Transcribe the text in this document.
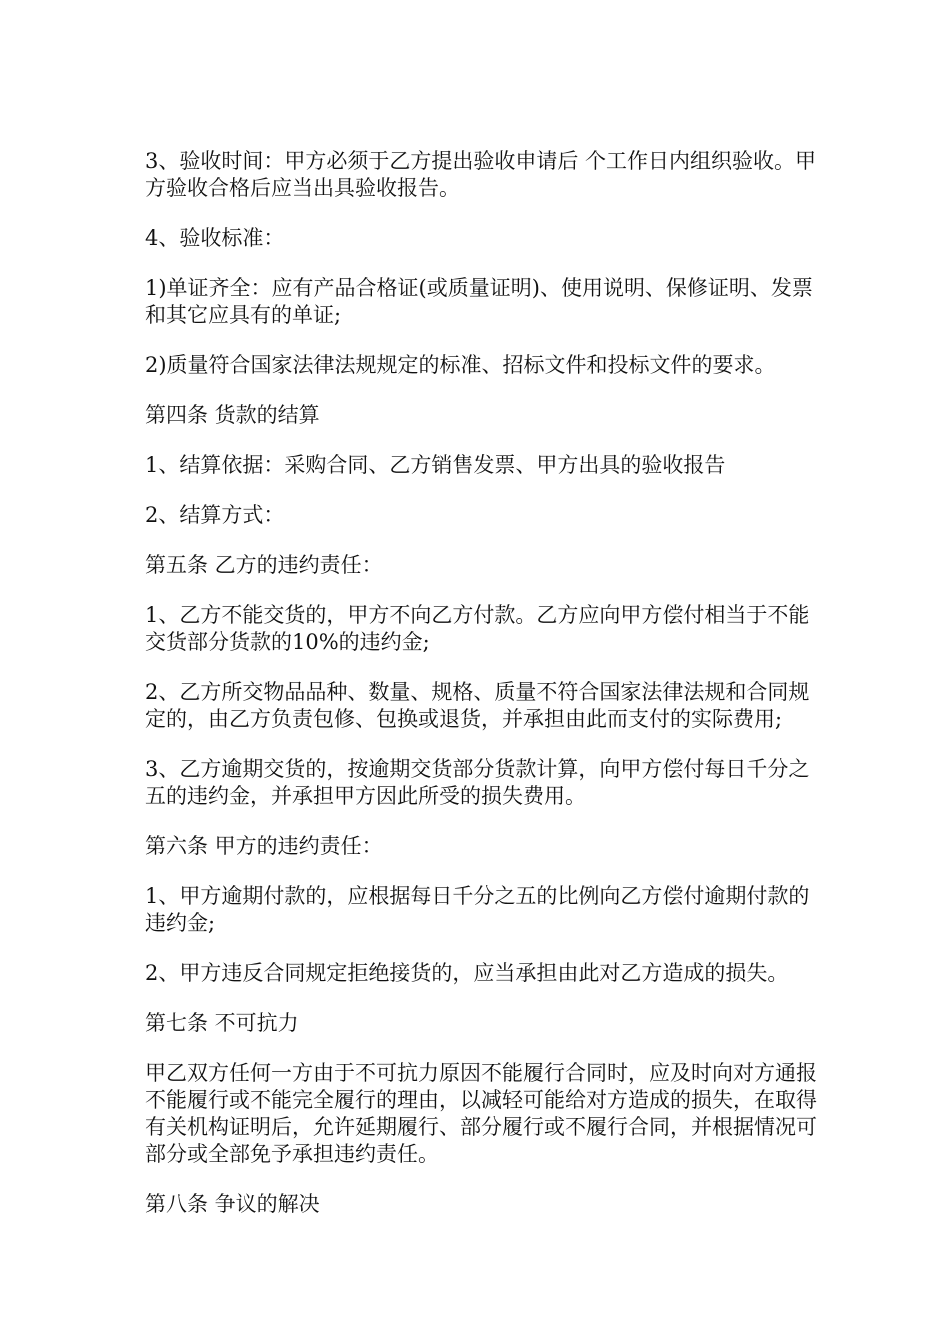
3、验收时间：甲方必须于乙方提出验收申请后 个工作日内组织验收。甲方验收合格后应当出具验收报告。

4、验收标准：

1)单证齐全：应有产品合格证(或质量证明)、使用说明、保修证明、发票和其它应具有的单证;

2)质量符合国家法律法规规定的标准、招标文件和投标文件的要求。

第四条 货款的结算

1、结算依据：采购合同、乙方销售发票、甲方出具的验收报告

2、结算方式：

第五条 乙方的违约责任：

1、乙方不能交货的，甲方不向乙方付款。乙方应向甲方偿付相当于不能交货部分货款的10%的违约金;

2、乙方所交物品品种、数量、规格、质量不符合国家法律法规和合同规定的，由乙方负责包修、包换或退货，并承担由此而支付的实际费用;

3、乙方逾期交货的，按逾期交货部分货款计算，向甲方偿付每日千分之五的违约金，并承担甲方因此所受的损失费用。

第六条 甲方的违约责任：

1、甲方逾期付款的，应根据每日千分之五的比例向乙方偿付逾期付款的违约金;

2、甲方违反合同规定拒绝接货的，应当承担由此对乙方造成的损失。

第七条 不可抗力

甲乙双方任何一方由于不可抗力原因不能履行合同时，应及时向对方通报不能履行或不能完全履行的理由，以减轻可能给对方造成的损失，在取得有关机构证明后，允许延期履行、部分履行或不履行合同，并根据情况可部分或全部免予承担违约责任。

第八条 争议的解决
